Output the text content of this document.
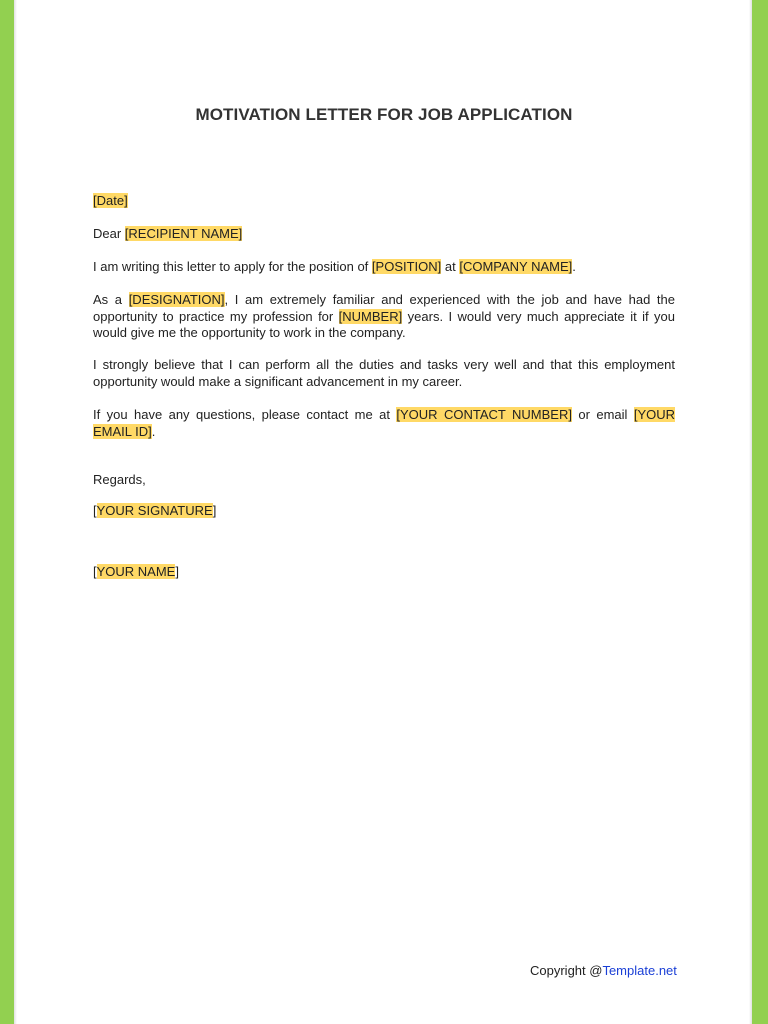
MOTIVATION LETTER FOR JOB APPLICATION

[Date]

Dear [RECIPIENT NAME]

I am writing this letter to apply for the position of [POSITION] at [COMPANY NAME].

As a [DESIGNATION], I am extremely familiar and experienced with the job and have had the opportunity to practice my profession for [NUMBER] years. I would very much appreciate it if you would give me the opportunity to work in the company.

I strongly believe that I can perform all the duties and tasks very well and that this employment opportunity would make a significant advancement in my career.

If you have any questions, please contact me at [YOUR CONTACT NUMBER] or email [YOUR EMAIL ID].

Regards,

[YOUR SIGNATURE]

[YOUR NAME]

Copyright @Template.net
